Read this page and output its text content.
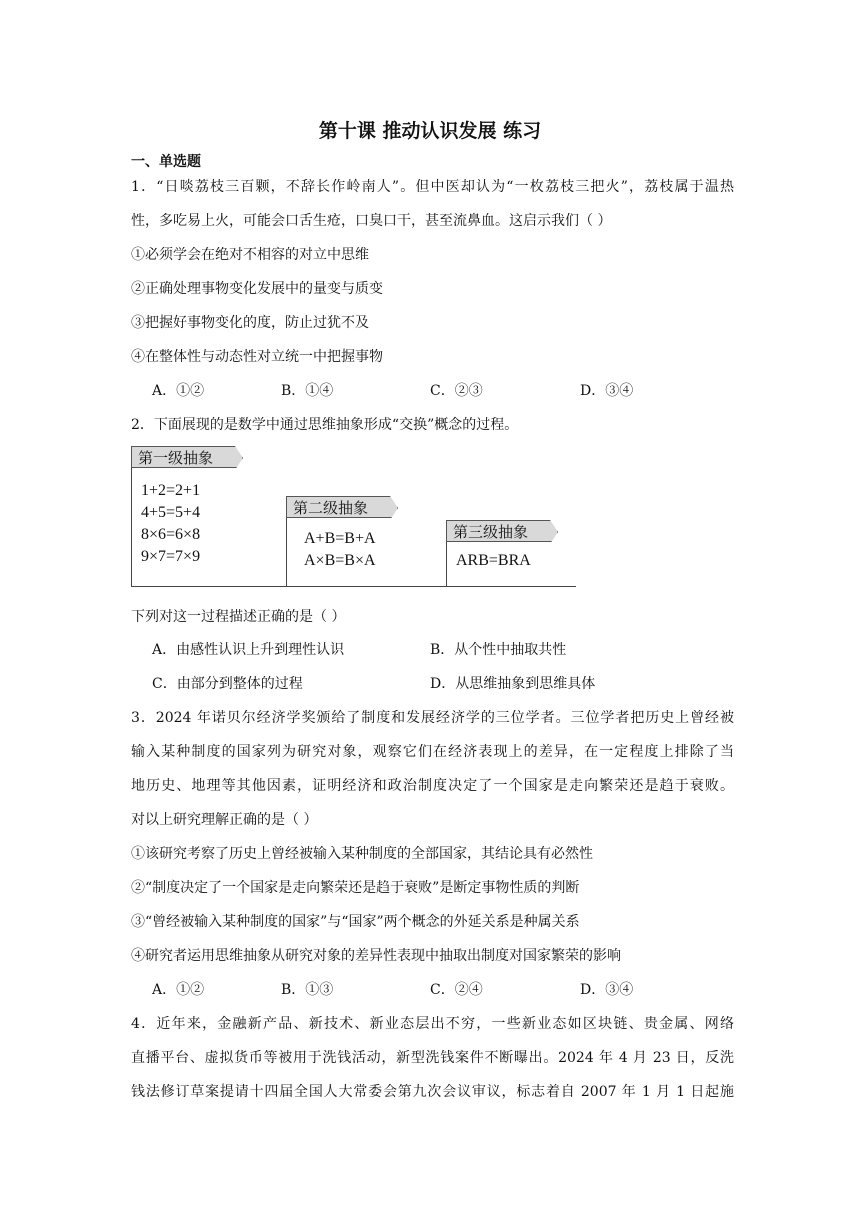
第十课 推动认识发展 练习
一、单选题
1．“日啖荔枝三百颗，不辞长作岭南人”。但中医却认为“一枚荔枝三把火”，荔枝属于温热
性，多吃易上火，可能会口舌生疮，口臭口干，甚至流鼻血。这启示我们（ ）
①必须学会在绝对不相容的对立中思维
②正确处理事物变化发展中的量变与质变
③把握好事物变化的度，防止过犹不及
④在整体性与动态性对立统一中把握事物
A．①②	B．①④	C．②③	D．③④
2．下面展现的是数学中通过思维抽象形成“交换”概念的过程。
第一级抽象
1+2=2+1
4+5=5+4
8×6=6×8
9×7=7×9
第二级抽象
A+B=B+A
A×B=B×A
第三级抽象
ARB=BRA
下列对这一过程描述正确的是（ ）
A．由感性认识上升到理性认识	B．从个性中抽取共性
C．由部分到整体的过程	D．从思维抽象到思维具体
3．2024 年诺贝尔经济学奖颁给了制度和发展经济学的三位学者。三位学者把历史上曾经被
输入某种制度的国家列为研究对象，观察它们在经济表现上的差异，在一定程度上排除了当
地历史、地理等其他因素，证明经济和政治制度决定了一个国家是走向繁荣还是趋于衰败。
对以上研究理解正确的是（ ）
①该研究考察了历史上曾经被输入某种制度的全部国家，其结论具有必然性
②“制度决定了一个国家是走向繁荣还是趋于衰败”是断定事物性质的判断
③“曾经被输入某种制度的国家”与“国家”两个概念的外延关系是种属关系
④研究者运用思维抽象从研究对象的差异性表现中抽取出制度对国家繁荣的影响
A．①②	B．①③	C．②④	D．③④
4．近年来，金融新产品、新技术、新业态层出不穷，一些新业态如区块链、贵金属、网络
直播平台、虚拟货币等被用于洗钱活动，新型洗钱案件不断曝出。2024 年 4 月 23 日，反洗
钱法修订草案提请十四届全国人大常委会第九次会议审议，标志着自 2007 年 1 月 1 日起施
